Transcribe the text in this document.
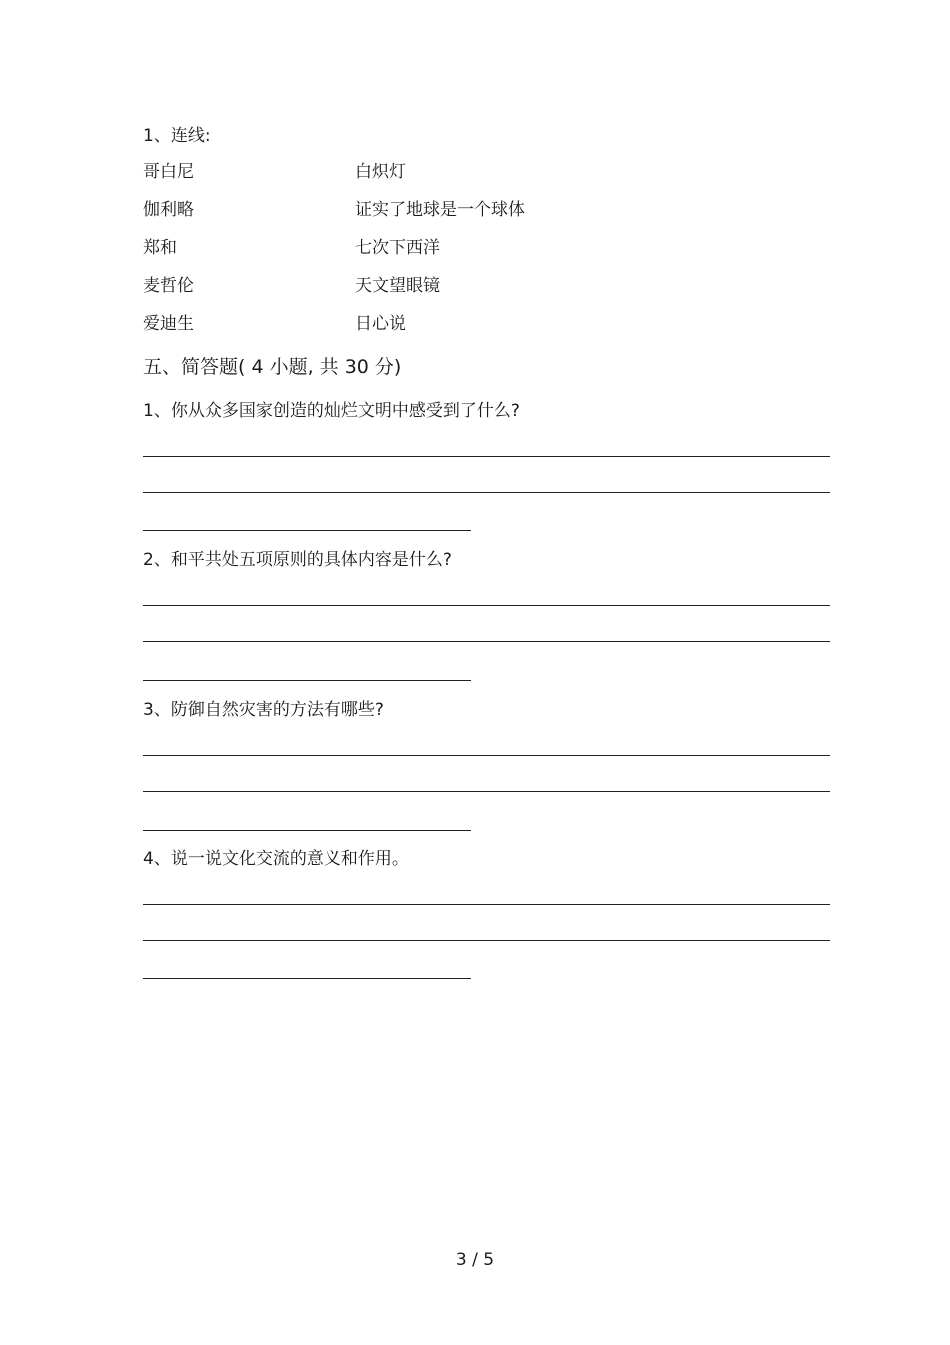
1、连线:
哥白尼	白炽灯
伽利略	证实了地球是一个球体
郑和	七次下西洋
麦哲伦	天文望眼镜
爱迪生	日心说
五、简答题( 4 小题, 共 30 分)
1、你从众多国家创造的灿烂文明中感受到了什么?
2、和平共处五项原则的具体内容是什么?
3、防御自然灾害的方法有哪些?
4、说一说文化交流的意义和作用。
3 / 5
